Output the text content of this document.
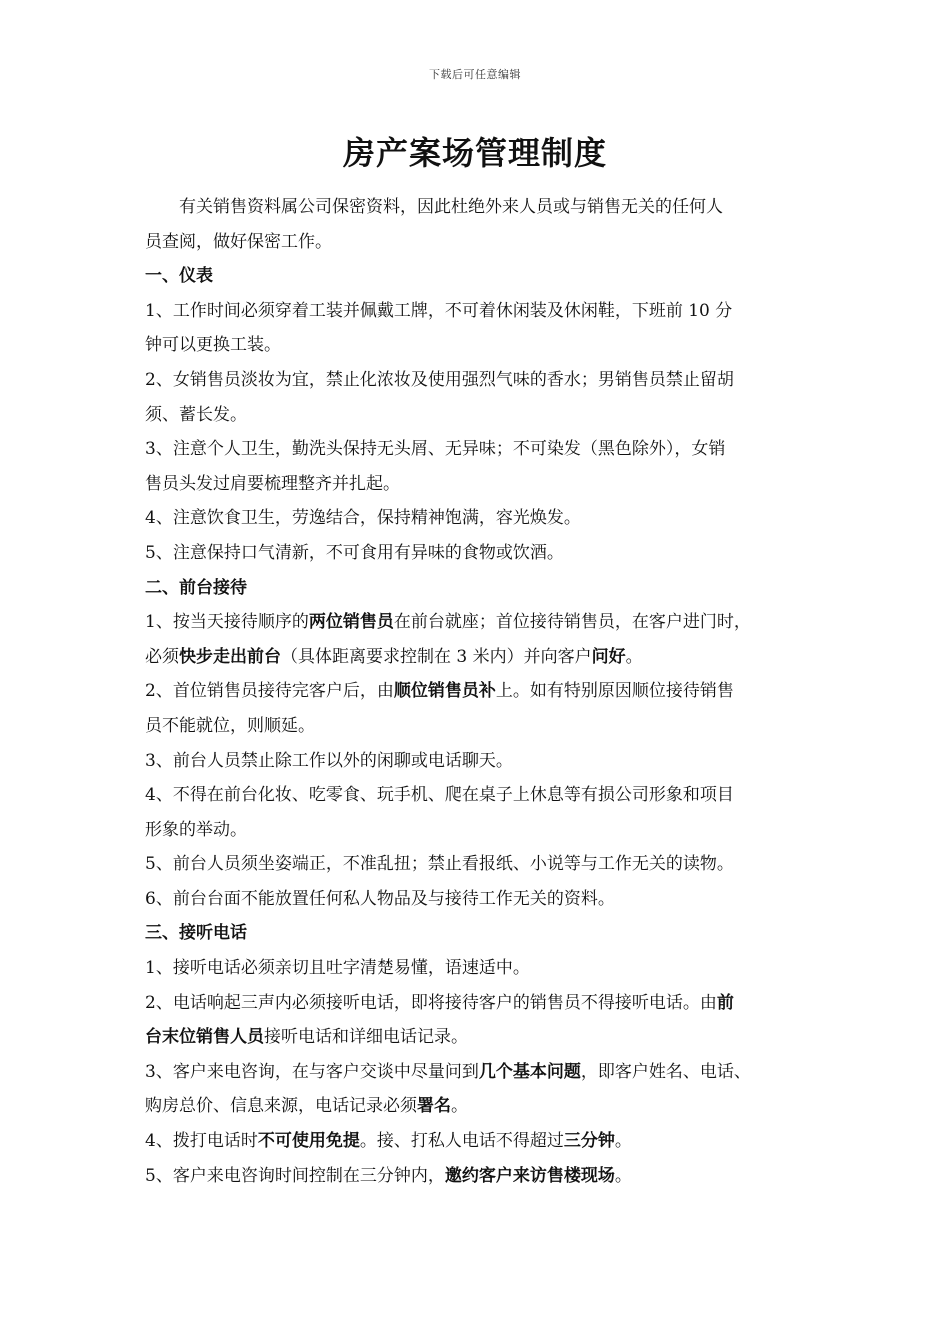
下载后可任意编辑
房产案场管理制度
有关销售资料属公司保密资料，因此杜绝外来人员或与销售无关的任何人
员查阅，做好保密工作。
一、仪表
1、工作时间必须穿着工装并佩戴工牌，不可着休闲装及休闲鞋，下班前 10 分
钟可以更换工装。
2、女销售员淡妆为宜，禁止化浓妆及使用强烈气味的香水；男销售员禁止留胡
须、蓄长发。
3、注意个人卫生，勤洗头保持无头屑、无异味；不可染发（黑色除外），女销
售员头发过肩要梳理整齐并扎起。
4、注意饮食卫生，劳逸结合，保持精神饱满，容光焕发。
5、注意保持口气清新，不可食用有异味的食物或饮酒。
二、前台接待
1、按当天接待顺序的两位销售员在前台就座；首位接待销售员，在客户进门时，
必须快步走出前台（具体距离要求控制在 3 米内）并向客户问好。
2、首位销售员接待完客户后，由顺位销售员补上。如有特别原因顺位接待销售
员不能就位，则顺延。
3、前台人员禁止除工作以外的闲聊或电话聊天。
4、不得在前台化妆、吃零食、玩手机、爬在桌子上休息等有损公司形象和项目
形象的举动。
5、前台人员须坐姿端正，不准乱扭；禁止看报纸、小说等与工作无关的读物。
6、前台台面不能放置任何私人物品及与接待工作无关的资料。
三、接听电话
1、接听电话必须亲切且吐字清楚易懂，语速适中。
2、电话响起三声内必须接听电话，即将接待客户的销售员不得接听电话。由前
台末位销售人员接听电话和详细电话记录。
3、客户来电咨询，在与客户交谈中尽量问到几个基本问题，即客户姓名、电话、
购房总价、信息来源，电话记录必须署名。
4、拨打电话时不可使用免提。接、打私人电话不得超过三分钟。
5、客户来电咨询时间控制在三分钟内，邀约客户来访售楼现场。
